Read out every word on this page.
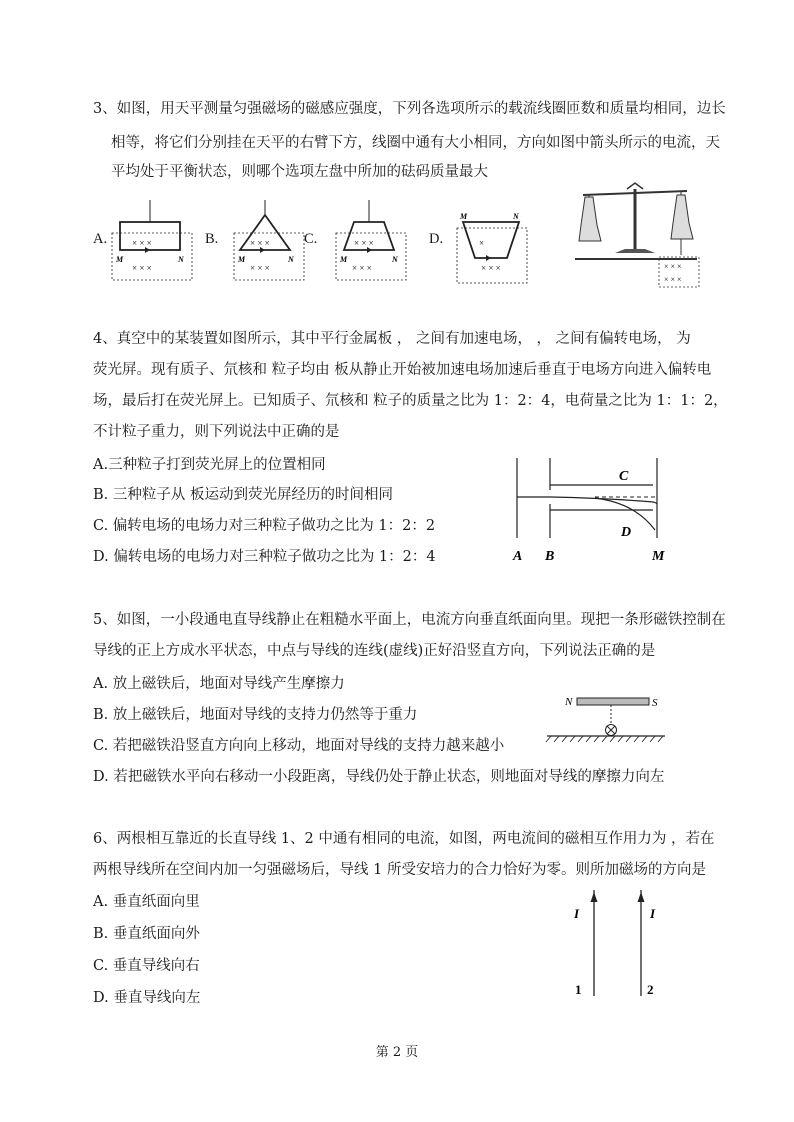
3、如图，用天平测量匀强磁场的磁感应强度，下列各选项所示的载流线圈匝数和质量均相同，边长
相等，将它们分别挂在天平的右臂下方，线圈中通有大小相同，方向如图中箭头所示的电流，天
平均处于平衡状态，则哪个选项左盘中所加的砝码质量最大
A.	B.	C.	D.
× × ×
× × ×
M	N
× × ×
× × ×
M	N
× × ×
× × ×
M	N
M	N
×
× × ×	× × ×
× × ×
4、真空中的某装置如图所示，其中平行金属板 ， 之间有加速电场， ， 之间有偏转电场， 为
荧光屏。现有质子、氘核和 粒子均由 板从静止开始被加速电场加速后垂直于电场方向进入偏转电
场，最后打在荧光屏上。已知质子、氘核和 粒子的质量之比为 1：2：4，电荷量之比为 1：1：2，
不计粒子重力，则下列说法中正确的是
A.三种粒子打到荧光屏上的位置相同
B. 三种粒子从 板运动到荧光屏经历的时间相同
C. 偏转电场的电场力对三种粒子做功之比为 1：2：2
D. 偏转电场的电场力对三种粒子做功之比为 1：2：4
C
D
A B	M
5、如图，一小段通电直导线静止在粗糙水平面上，电流方向垂直纸面向里。现把一条形磁铁控制在
导线的正上方成水平状态，中点与导线的连线(虚线)正好沿竖直方向，下列说法正确的是
A. 放上磁铁后，地面对导线产生摩擦力
B. 放上磁铁后，地面对导线的支持力仍然等于重力
C. 若把磁铁沿竖直方向向上移动，地面对导线的支持力越来越小
D. 若把磁铁水平向右移动一小段距离，导线仍处于静止状态，则地面对导线的摩擦力向左
N	S
6、两根相互靠近的长直导线 1、2 中通有相同的电流，如图，两电流间的磁相互作用力为 ，若在
两根导线所在空间内加一匀强磁场后，导线 1 所受安培力的合力恰好为零。则所加磁场的方向是
A. 垂直纸面向里
B. 垂直纸面向外
C. 垂直导线向右
D. 垂直导线向左
I	I
1	2
第 2 页
